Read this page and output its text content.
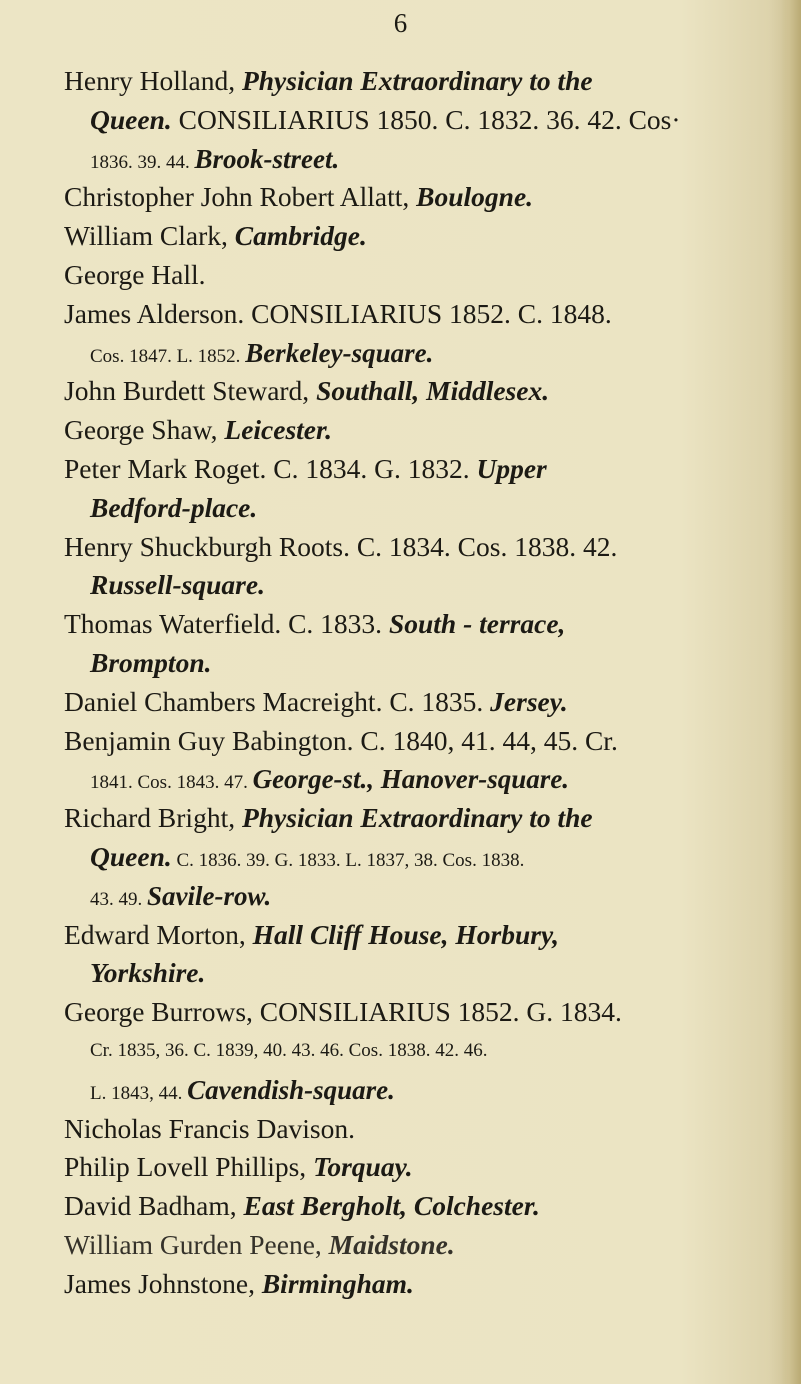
6
Henry Holland, Physician Extraordinary to the
Queen. CONSILIARIUS 1850. C. 1832. 36. 42. Cos·
1836. 39. 44. Brook-street.
Christopher John Robert Allatt, Boulogne.
William Clark, Cambridge.
George Hall.
James Alderson. CONSILIARIUS 1852. C. 1848.
Cos. 1847. L. 1852. Berkeley-square.
John Burdett Steward, Southall, Middlesex.
George Shaw, Leicester.
Peter Mark Roget. C. 1834. G. 1832. Upper
Bedford-place.
Henry Shuckburgh Roots. C. 1834. Cos. 1838. 42.
Russell-square.
Thomas Waterfield. C. 1833. South - terrace,
Brompton.
Daniel Chambers Macreight. C. 1835. Jersey.
Benjamin Guy Babington. C. 1840, 41. 44, 45. Cr.
1841. Cos. 1843. 47. George-st., Hanover-square.
Richard Bright, Physician Extraordinary to the
Queen. C. 1836. 39. G. 1833. L. 1837, 38. Cos. 1838.
43. 49. Savile-row.
Edward Morton, Hall Cliff House, Horbury,
Yorkshire.
George Burrows, CONSILIARIUS 1852. G. 1834.
Cr. 1835, 36. C. 1839, 40. 43. 46. Cos. 1838. 42. 46.
L. 1843, 44. Cavendish-square.
Nicholas Francis Davison.
Philip Lovell Phillips, Torquay.
David Badham, East Bergholt, Colchester.
William Gurden Peene, Maidstone.
James Johnstone, Birmingham.
